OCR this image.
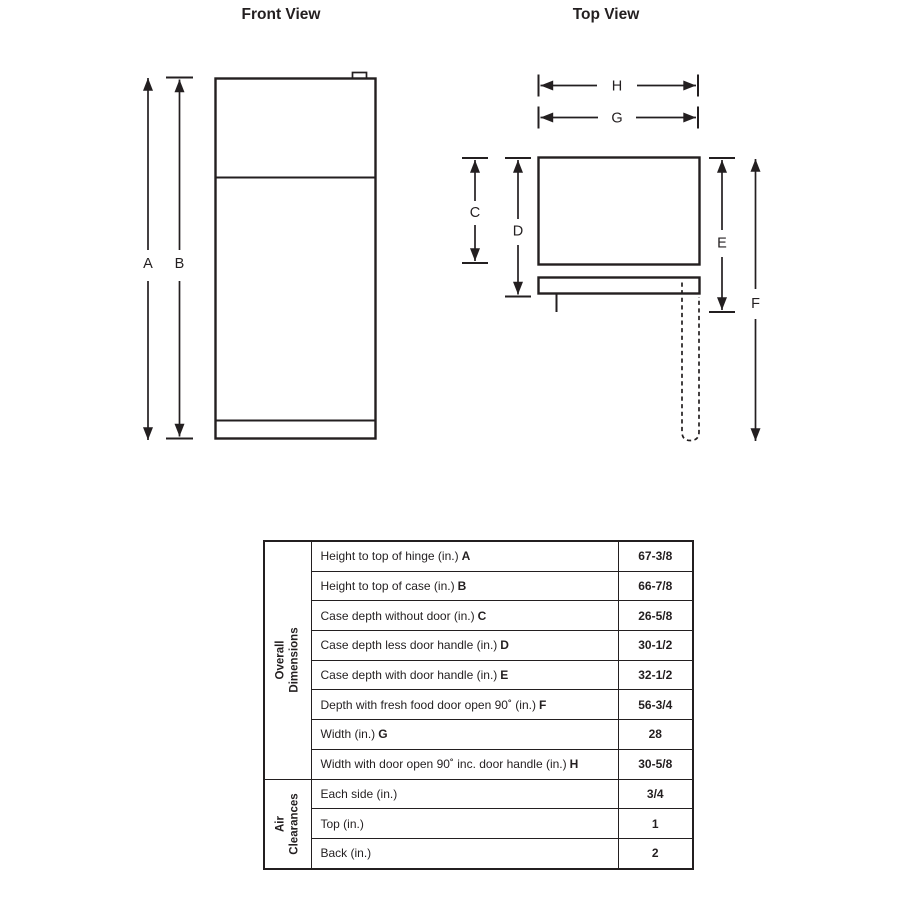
Front View
A B
Top View
H
G
C
D
E
F
Overall Dimensions	Height to top of hinge (in.) A	67-3/8
	Height to top of case (in.) B	66-7/8
	Case depth without door (in.) C	26-5/8
	Case depth less door handle (in.) D	30-1/2
	Case depth with door handle (in.) E	32-1/2
	Depth with fresh food door open 90˚ (in.) F	56-3/4
	Width (in.) G	28
	Width with door open 90˚ inc. door handle (in.) H	30-5/8

Air Clearances	Each side (in.)	3/4
	Top (in.)	1
	Back (in.)	2
